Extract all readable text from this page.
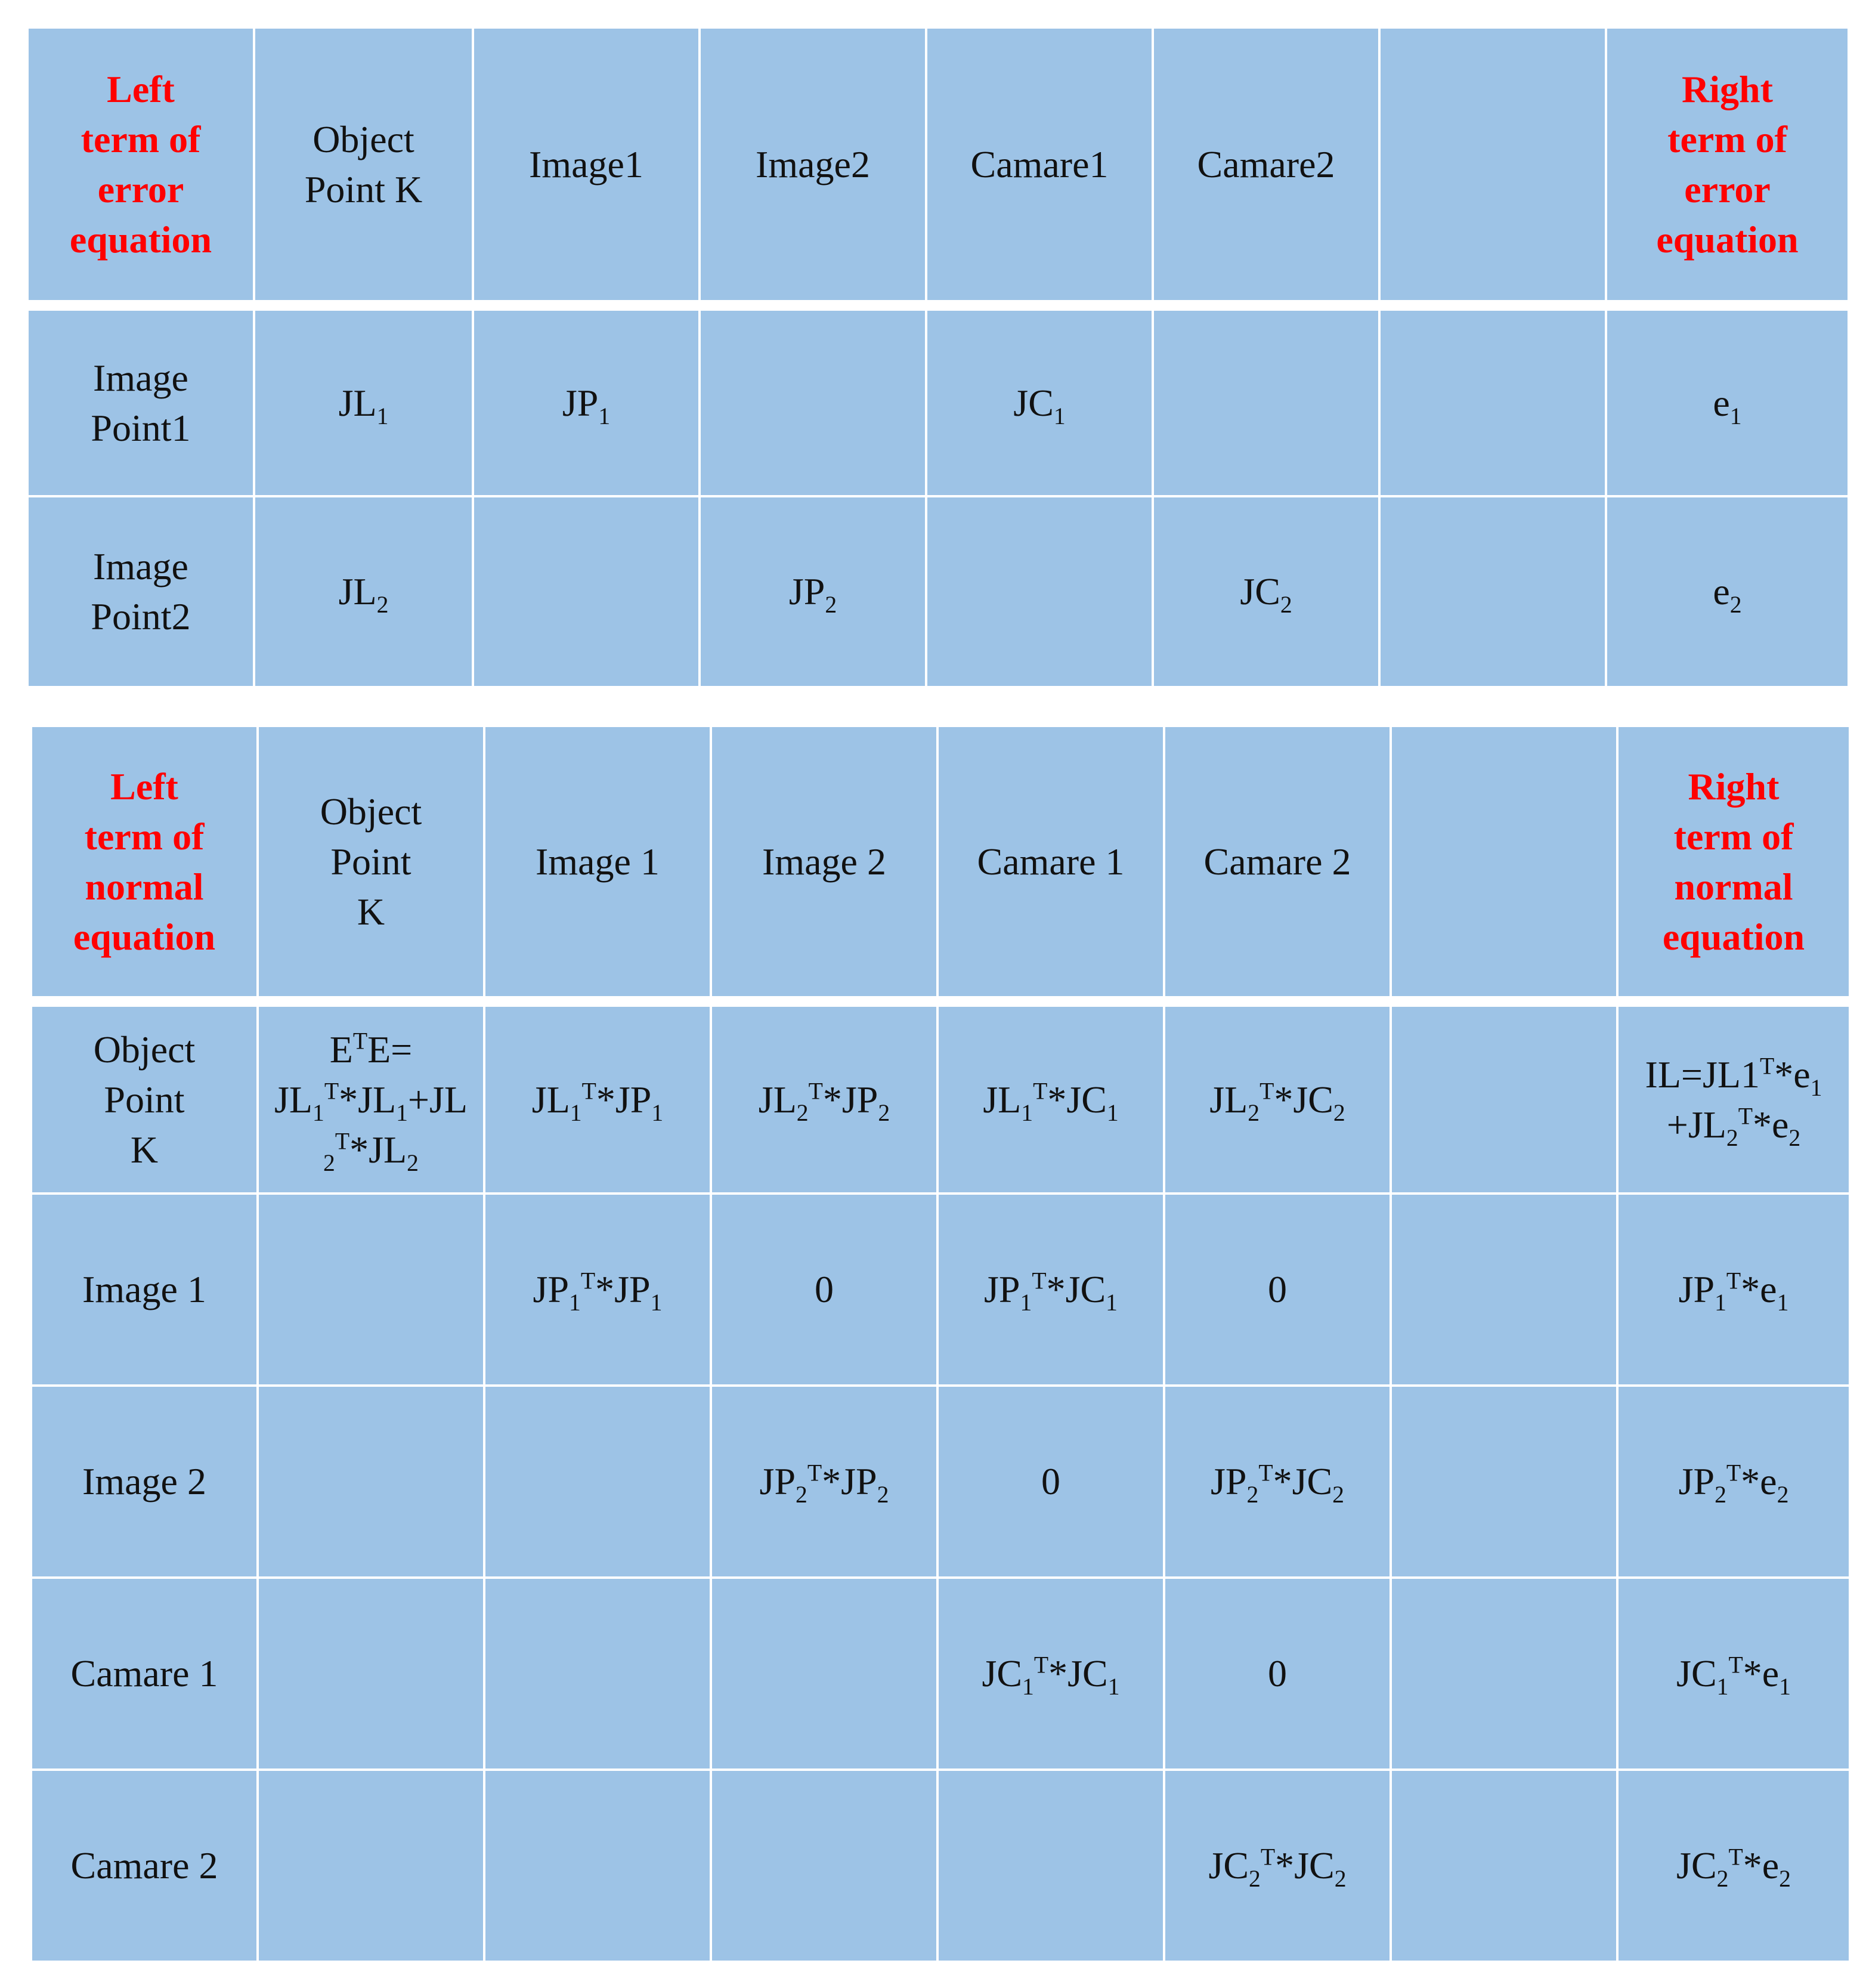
Left
term of
error
equation	Object
Point K	Image1	Image2	Camare1	Camare2		Right
term of
error
equation

Image
Point1	$JL_1$	$JP_1$		$JC_1$			$e_1$

Image
Point2	$JL_2$		$JP_2$		$JC_2$		$e_2$
Left
term of
normal
equation	Object
Point
K	Image 1	Image 2	Camare 1	Camare 2		Right
term of
normal
equation

Object
Point
K	$E^TE=$
$JL_1^T*JL_1+JL$
$_2^T*JL_2$	$JL_1^T*JP_1$	$JL_2^T*JP_2$	$JL_1^T*JC_1$	$JL_2^T*JC_2$		$IL=JL1^T*e_1$
$+JL_2^T*e_2$

Image 1		$JP_1^T*JP_1$	0	$JP_1^T*JC_1$	0		$JP_1^T*e_1$

Image 2			$JP_2^T*JP_2$	0	$JP_2^T*JC_2$		$JP_2^T*e_2$

Camare 1				$JC_1^T*JC_1$	0		$JC_1^T*e_1$

Camare 2					$JC_2^T*JC_2$		$JC_2^T*e_2$
